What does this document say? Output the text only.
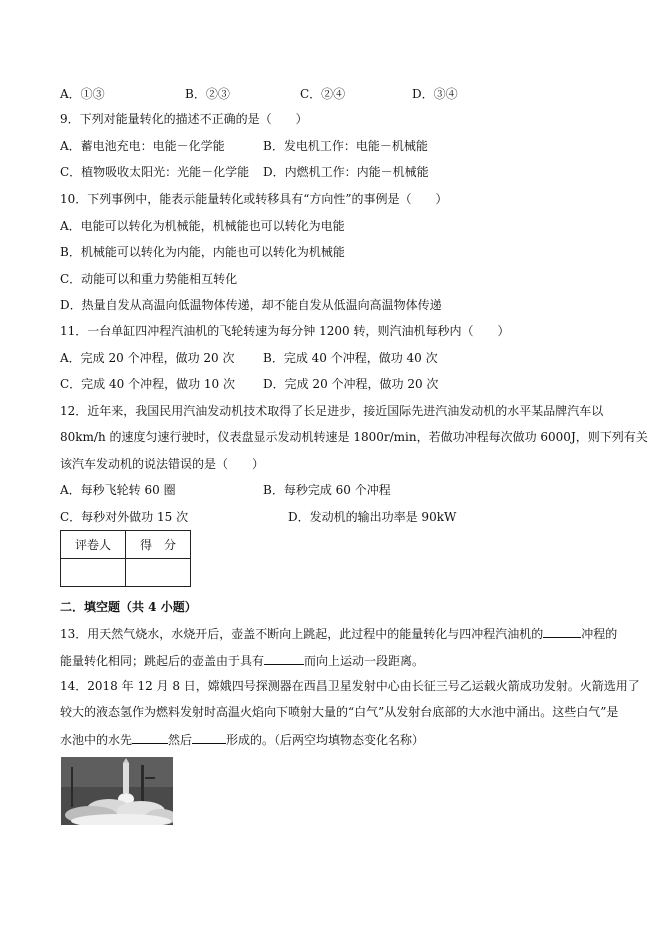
A．①③	B．②③	C．②④	D．③④
9．下列对能量转化的描述不正确的是（　　）
A．蓄电池充电：电能－化学能	B．发电机工作：电能－机械能
C．植物吸收太阳光：光能－化学能 D．内燃机工作：内能－机械能
10．下列事例中，能表示能量转化或转移具有“方向性”的事例是（　　）
A．电能可以转化为机械能，机械能也可以转化为电能
B．机械能可以转化为内能，内能也可以转化为机械能
C．动能可以和重力势能相互转化
D．热量自发从高温向低温物体传递，却不能自发从低温向高温物体传递
11．一台单缸四冲程汽油机的飞轮转速为每分钟 1200 转，则汽油机每秒内（　　）
A．完成 20 个冲程，做功 20 次 B．完成 40 个冲程，做功 40 次
C．完成 40 个冲程，做功 10 次 D．完成 20 个冲程，做功 20 次
12．近年来，我国民用汽油发动机技术取得了长足进步，接近国际先进汽油发动机的水平某品牌汽车以
80km/h 的速度匀速行驶时，仪表盘显示发动机转速是 1800r/min，若做功冲程每次做功 6000J，则下列有关
该汽车发动机的说法错误的是（　　）
A．每秒飞轮转 60 圈	B．每秒完成 60 个冲程
C．每秒对外做功 15 次	D．发动机的输出功率是 90kW
评卷人	得　分

二．填空题（共 4 小题）
13．用天然气烧水，水烧开后，壶盖不断向上跳起，此过程中的能量转化与四冲程汽油机的	冲程的
能量转化相同；跳起后的壶盖由于具有	而向上运动一段距离。
14．2018 年 12 月 8 日，嫦娥四号探测器在西昌卫星发射中心由长征三号乙运载火箭成功发射。火箭选用了
较大的液态氢作为燃料发射时高温火焰向下喷射大量的“白气”从发射台底部的大水池中涌出。这些白气”是
水池中的水先	然后	形成的。（后两空均填物态变化名称）
